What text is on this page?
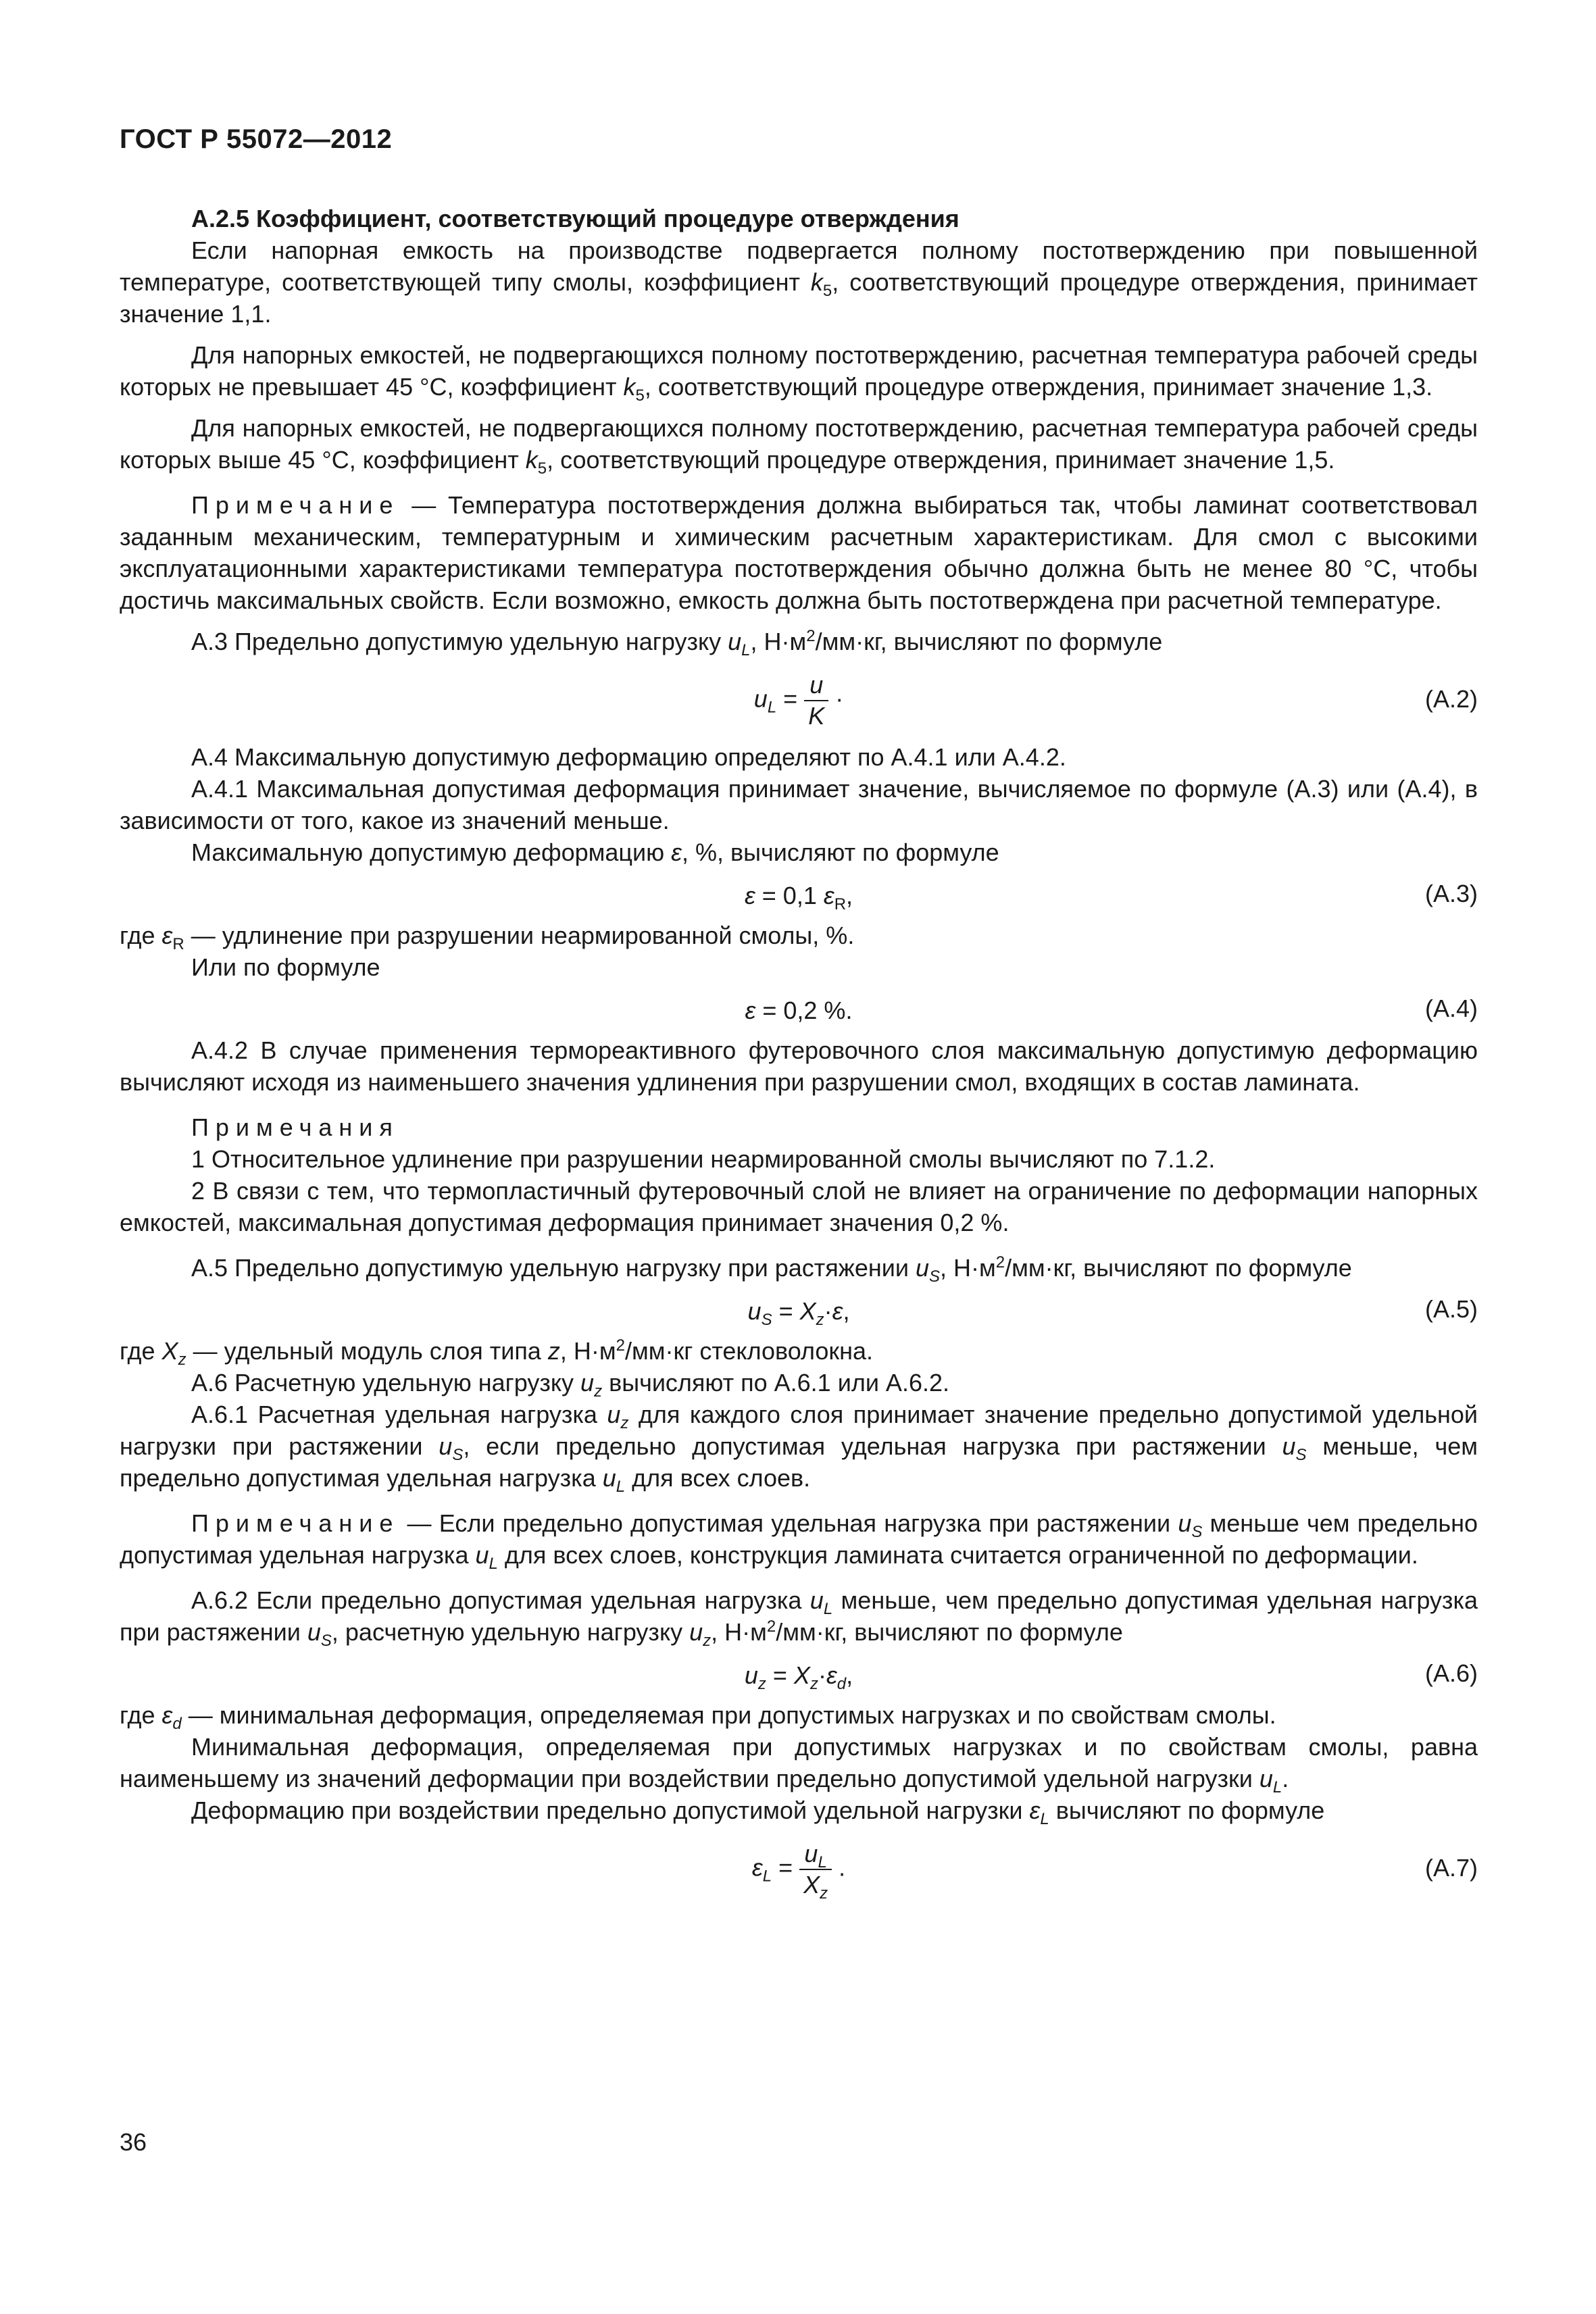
ГОСТ Р 55072—2012

А.2.5 Коэффициент, соответствующий процедуре отверждения

Если напорная емкость на производстве подвергается полному постотверждению при повышенной температуре, соответствующей типу смолы, коэффициент $k_5$, соответствующий процедуре отверждения, принимает значение 1,1.

Для напорных емкостей, не подвергающихся полному постотверждению, расчетная температура рабочей среды которых не превышает 45 °С, коэффициент $k_5$, соответствующий процедуре отверждения, принимает значение 1,3.

Для напорных емкостей, не подвергающихся полному постотверждению, расчетная температура рабочей среды которых выше 45 °С, коэффициент $k_5$, соответствующий процедуре отверждения, принимает значение 1,5.

Примечание — Температура постотверждения должна выбираться так, чтобы ламинат соответствовал заданным механическим, температурным и химическим расчетным характеристикам. Для смол с высокими эксплуатационными характеристиками температура постотверждения обычно должна быть не менее 80 °С, чтобы достичь максимальных свойств. Если возможно, емкость должна быть постотверждена при расчетной температуре.

А.3 Предельно допустимую удельную нагрузку $u_L$, $Н\cdot м^2/мм\cdot кг$, вычисляют по формуле

$u_L = \frac{u}{K}$ ·	(А.2)

А.4 Максимальную допустимую деформацию определяют по А.4.1 или А.4.2.

А.4.1 Максимальная допустимая деформация принимает значение, вычисляемое по формуле (А.3) или (А.4), в зависимости от того, какое из значений меньше.

Максимальную допустимую деформацию ε, %, вычисляют по формуле

ε = 0,1 $\varepsilon_R$,	(А.3)

где $\varepsilon_R$ — удлинение при разрушении неармированной смолы, %.

Или по формуле

ε = 0,2 %.	(А.4)

А.4.2 В случае применения термореактивного футеровочного слоя максимальную допустимую деформацию вычисляют исходя из наименьшего значения удлинения при разрушении смол, входящих в состав ламината.

Примечания

1 Относительное удлинение при разрушении неармированной смолы вычисляют по 7.1.2.

2 В связи с тем, что термопластичный футеровочный слой не влияет на ограничение по деформации напорных емкостей, максимальная допустимая деформация принимает значения 0,2 %.

А.5 Предельно допустимую удельную нагрузку при растяжении $u_S$, $Н\cdot м^2/мм\cdot кг$, вычисляют по формуле

$u_S = X_z\cdot\varepsilon$,	(А.5)

где $X_z$ — удельный модуль слоя типа z, $Н\cdot м^2/мм\cdot кг$ стекловолокна.

А.6 Расчетную удельную нагрузку $u_z$ вычисляют по А.6.1 или А.6.2.

А.6.1 Расчетная удельная нагрузка $u_z$ для каждого слоя принимает значение предельно допустимой удельной нагрузки при растяжении $u_S$, если предельно допустимая удельная нагрузка при растяжении $u_S$ меньше, чем предельно допустимая удельная нагрузка $u_L$ для всех слоев.

Примечание — Если предельно допустимая удельная нагрузка при растяжении $u_S$ меньше чем предельно допустимая удельная нагрузка $u_L$ для всех слоев, конструкция ламината считается ограниченной по деформации.

А.6.2 Если предельно допустимая удельная нагрузка $u_L$ меньше, чем предельно допустимая удельная нагрузка при растяжении $u_S$, расчетную удельную нагрузку $u_z$, $Н\cdot м^2/мм\cdot кг$, вычисляют по формуле

$u_z = X_z\cdot\varepsilon_d$,	(А.6)

где $\varepsilon_d$ — минимальная деформация, определяемая при допустимых нагрузках и по свойствам смолы.

Минимальная деформация, определяемая при допустимых нагрузках и по свойствам смолы, равна наименьшему из значений деформации при воздействии предельно допустимой удельной нагрузки $u_L$.

Деформацию при воздействии предельно допустимой удельной нагрузки $\varepsilon_L$ вычисляют по формуле

$\varepsilon_L = \frac{u_L}{X_z}$ .	(А.7)
36
